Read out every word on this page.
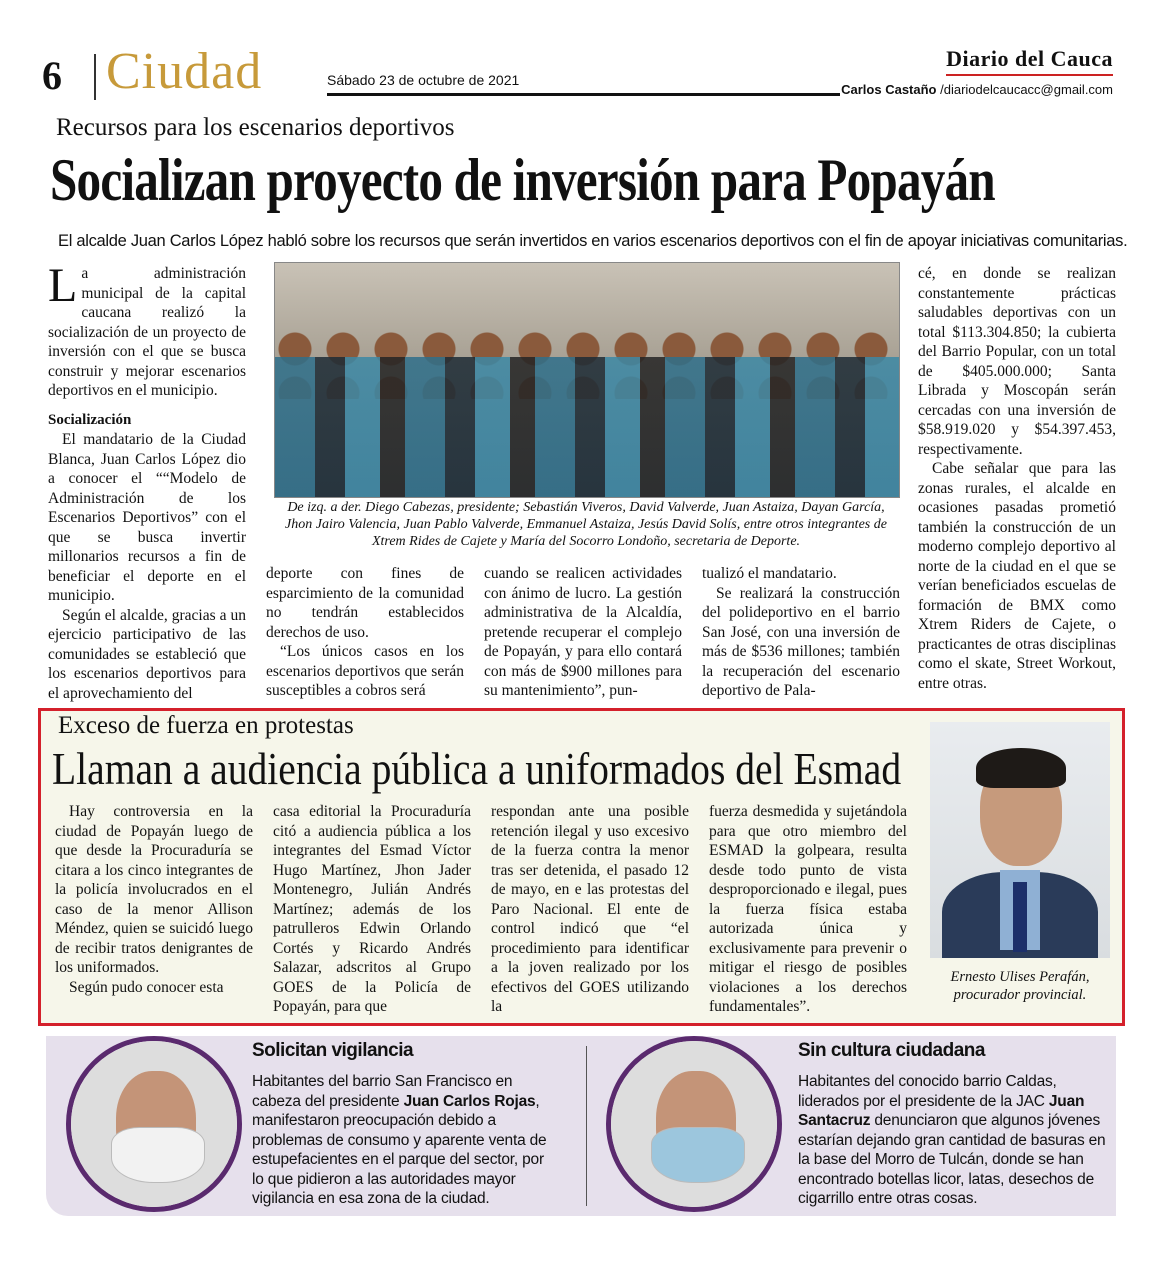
6 Ciudad	Sábado 23 de octubre de 2021
Diario del Cauca
Carlos Castaño /diariodelcaucacc@gmail.com
Recursos para los escenarios deportivos
Socializan proyecto de inversión para Popayán
El alcalde Juan Carlos López habló sobre los recursos que serán invertidos en varios escenarios deportivos con el fin de apoyar iniciativas comunitarias.

La administración municipal de la capital caucana realizó la socialización de un proyecto de inversión con el que se busca construir y mejorar escenarios deportivos en el municipio.

Socialización

El mandatario de la Ciudad Blanca, Juan Carlos López dio a conocer el ““Modelo de Administración de los Escenarios Deportivos” con el que se busca invertir millonarios recursos a fin de beneficiar el deporte en el municipio.

Según el alcalde, gracias a un ejercicio participativo de las comunidades se estableció que los escenarios deportivos para el aprovechamiento del

De izq. a der. Diego Cabezas, presidente; Sebastián Viveros, David Valverde, Juan Astaiza, Dayan García, Jhon Jairo Valencia, Juan Pablo Valverde, Emmanuel Astaiza, Jesús David Solís, entre otros integrantes de Xtrem Rides de Cajete y María del Socorro Londoño, secretaria de Deporte.

deporte con fines de esparcimiento de la comunidad no tendrán establecidos derechos de uso.

“Los únicos casos en los escenarios deportivos que serán susceptibles a cobros será

cuando se realicen actividades con ánimo de lucro. La gestión administrativa de la Alcaldía, pretende recuperar el complejo de Popayán, y para ello contará con más de $900 millones para su mantenimiento”, pun-

tualizó el mandatario.

Se realizará la construcción del polideportivo en el barrio San José, con una inversión de más de $536 millones; también la recuperación del escenario deportivo de Pala-

cé, en donde se realizan constantemente prácticas saludables deportivas con un total $113.304.850; la cubierta del Barrio Popular, con un total de $405.000.000; Santa Librada y Moscopán serán cercadas con una inversión de $58.919.020 y $54.397.453, respectivamente.

Cabe señalar que para las zonas rurales, el alcalde en ocasiones pasadas prometió también la construcción de un moderno complejo deportivo al norte de la ciudad en el que se verían beneficiados escuelas de formación de BMX como Xtrem Riders de Cajete, o practicantes de otras disciplinas como el skate, Street Workout, entre otras.

Exceso de fuerza en protestas
Llaman a audiencia pública a uniformados del Esmad

Hay controversia en la ciudad de Popayán luego de que desde la Procuraduría se citara a los cinco integrantes de la policía involucrados en el caso de la menor Allison Méndez, quien se suicidó luego de recibir tratos denigrantes de los uniformados.

Según pudo conocer esta

casa editorial la Procuraduría citó a audiencia pública a los integrantes del Esmad Víctor Hugo Martínez, Jhon Jader Montenegro, Julián Andrés Martínez; además de los patrulleros Edwin Orlando Cortés y Ricardo Andrés Salazar, adscritos al Grupo GOES de la Policía de Popayán, para que

respondan ante una posible retención ilegal y uso excesivo de la fuerza contra la menor tras ser detenida, el pasado 12 de mayo, en e las protestas del Paro Nacional. El ente de control indicó que “el procedimiento para identificar a la joven realizado por los efectivos del GOES utilizando la

fuerza desmedida y sujetándola para que otro miembro del ESMAD la golpeara, resulta desde todo punto de vista desproporcionado e ilegal, pues la fuerza física estaba autorizada única y exclusivamente para prevenir o mitigar el riesgo de posibles violaciones a los derechos fundamentales”.

Ernesto Ulises Perafán,
procurador provincial.
Solicitan vigilancia
Habitantes del barrio San Francisco en cabeza del presidente Juan Carlos Rojas, manifestaron preocupación debido a problemas de consumo y aparente venta de estupefacientes en el parque del sector, por lo que pidieron a las autoridades mayor vigilancia en esa zona de la ciudad.
Sin cultura ciudadana
Habitantes del conocido barrio Caldas, liderados por el presidente de la JAC Juan Santacruz denunciaron que algunos jóvenes estarían dejando gran cantidad de basuras en la base del Morro de Tulcán, donde se han encontrado botellas licor, latas, desechos de cigarrillo entre otras cosas.
